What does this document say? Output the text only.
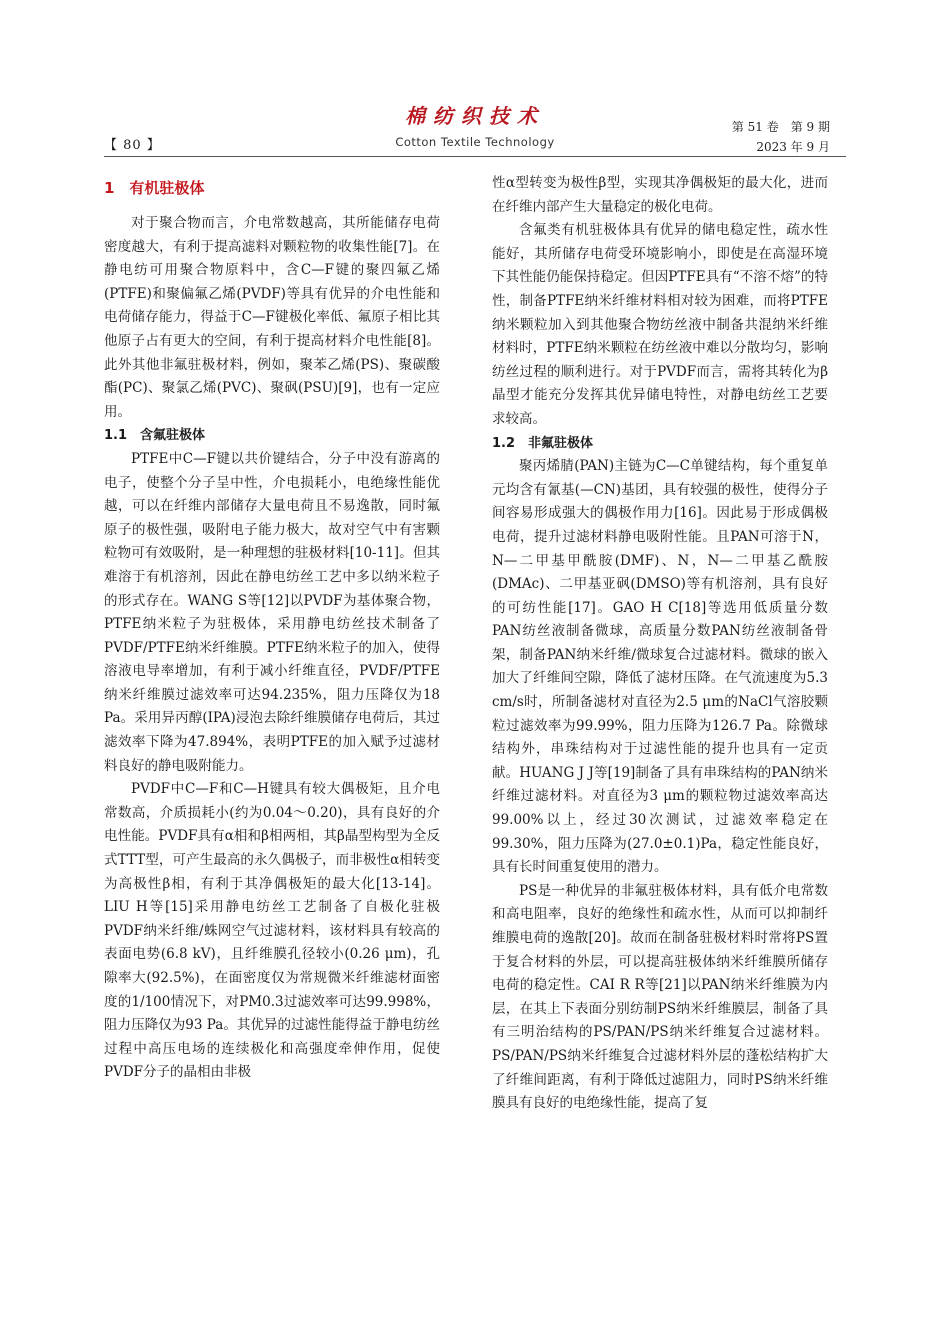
【 80 】
棉纺织技术
Cotton Textile Technology
第 51 卷　第 9 期
2023 年 9 月
1　有机驻极体

对于聚合物而言，介电常数越高，其所能储存电荷密度越大，有利于提高滤料对颗粒物的收集性能[7]。在静电纺可用聚合物原料中，含C—F键的聚四氟乙烯(PTFE)和聚偏氟乙烯(PVDF)等具有优异的介电性能和电荷储存能力，得益于C—F键极化率低、氟原子相比其他原子占有更大的空间，有利于提高材料介电性能[8]。此外其他非氟驻极材料，例如，聚苯乙烯(PS)、聚碳酸酯(PC)、聚氯乙烯(PVC)、聚砜(PSU)[9]，也有一定应用。

1.1　含氟驻极体

PTFE中C—F键以共价键结合，分子中没有游离的电子，使整个分子呈中性，介电损耗小，电绝缘性能优越，可以在纤维内部储存大量电荷且不易逸散，同时氟原子的极性强，吸附电子能力极大，故对空气中有害颗粒物可有效吸附，是一种理想的驻极材料[10-11]。但其难溶于有机溶剂，因此在静电纺丝工艺中多以纳米粒子的形式存在。WANG S等[12]以PVDF为基体聚合物，PTFE纳米粒子为驻极体，采用静电纺丝技术制备了PVDF/PTFE纳米纤维膜。PTFE纳米粒子的加入，使得溶液电导率增加，有利于减小纤维直径，PVDF/PTFE纳米纤维膜过滤效率可达94.235%，阻力压降仅为18 Pa。采用异丙醇(IPA)浸泡去除纤维膜储存电荷后，其过滤效率下降为47.894%，表明PTFE的加入赋予过滤材料良好的静电吸附能力。

PVDF中C—F和C—H键具有较大偶极矩，且介电常数高，介质损耗小(约为0.04～0.20)，具有良好的介电性能。PVDF具有α相和β相两相，其β晶型构型为全反式TTT型，可产生最高的永久偶极子，而非极性α相转变为高极性β相，有利于其净偶极矩的最大化[13-14]。LIU H等[15]采用静电纺丝工艺制备了自极化驻极PVDF纳米纤维/蛛网空气过滤材料，该材料具有较高的表面电势(6.8 kV)，且纤维膜孔径较小(0.26 μm)，孔隙率大(92.5%)，在面密度仅为常规微米纤维滤材面密度的1/100情况下，对PM0.3过滤效率可达99.998%，阻力压降仅为93 Pa。其优异的过滤性能得益于静电纺丝过程中高压电场的连续极化和高强度牵伸作用，促使PVDF分子的晶相由非极

性α型转变为极性β型，实现其净偶极矩的最大化，进而在纤维内部产生大量稳定的极化电荷。

含氟类有机驻极体具有优异的储电稳定性，疏水性能好，其所储存电荷受环境影响小，即使是在高湿环境下其性能仍能保持稳定。但因PTFE具有“不溶不熔”的特性，制备PTFE纳米纤维材料相对较为困难，而将PTFE纳米颗粒加入到其他聚合物纺丝液中制备共混纳米纤维材料时，PTFE纳米颗粒在纺丝液中难以分散均匀，影响纺丝过程的顺利进行。对于PVDF而言，需将其转化为β晶型才能充分发挥其优异储电特性，对静电纺丝工艺要求较高。

1.2　非氟驻极体

聚丙烯腈(PAN)主链为C—C单键结构，每个重复单元均含有氰基(—CN)基团，具有较强的极性，使得分子间容易形成强大的偶极作用力[16]。因此易于形成偶极电荷，提升过滤材料静电吸附性能。且PAN可溶于N，N—二甲基甲酰胺(DMF)、N，N—二甲基乙酰胺(DMAc)、二甲基亚砜(DMSO)等有机溶剂，具有良好的可纺性能[17]。GAO H C[18]等选用低质量分数PAN纺丝液制备微球，高质量分数PAN纺丝液制备骨架，制备PAN纳米纤维/微球复合过滤材料。微球的嵌入加大了纤维间空隙，降低了滤材压降。在气流速度为5.3 cm/s时，所制备滤材对直径为2.5 μm的NaCl气溶胶颗粒过滤效率为99.99%，阻力压降为126.7 Pa。除微球结构外，串珠结构对于过滤性能的提升也具有一定贡献。HUANG J J等[19]制备了具有串珠结构的PAN纳米纤维过滤材料。对直径为3 μm的颗粒物过滤效率高达99.00%以上，经过30次测试，过滤效率稳定在99.30%，阻力压降为(27.0±0.1)Pa，稳定性能良好，具有长时间重复使用的潜力。

PS是一种优异的非氟驻极体材料，具有低介电常数和高电阻率，良好的绝缘性和疏水性，从而可以抑制纤维膜电荷的逸散[20]。故而在制备驻极材料时常将PS置于复合材料的外层，可以提高驻极体纳米纤维膜所储存电荷的稳定性。CAI R R等[21]以PAN纳米纤维膜为内层，在其上下表面分别纺制PS纳米纤维膜层，制备了具有三明治结构的PS/PAN/PS纳米纤维复合过滤材料。PS/PAN/PS纳米纤维复合过滤材料外层的蓬松结构扩大了纤维间距离，有利于降低过滤阻力，同时PS纳米纤维膜具有良好的电绝缘性能，提高了复
